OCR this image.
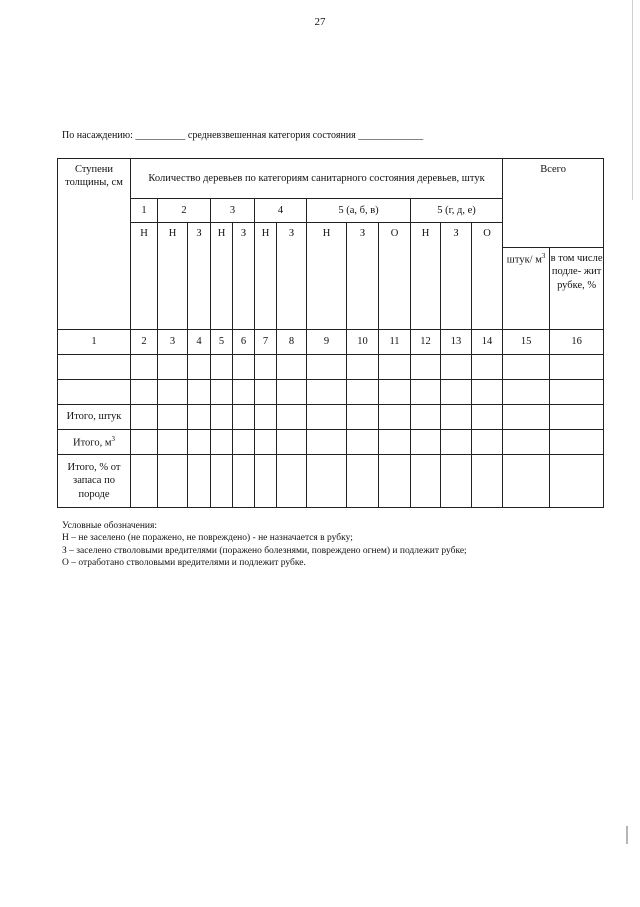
27
По насаждению: __________ средневзвешенная категория состояния _____________
Ступени толщины, см	Количество деревьев по категориям санитарного состояния деревьев, штук													Всего	
	1	2		3		4		5 (а, б, в)			5 (г, д, е)				
	Н	Н	З	Н	З	Н	З	Н	З	О	Н	З	О		
														штук/ $м^3$	в том числе подле- жит рубке, %
1	2	3	4	5	6	7	8	9	10	11	12	13	14	15	16

Итого, штук															
Итого, $м^3$															
Итого, % от запаса по породе															
Условные обозначения:
Н – не заселено (не поражено, не повреждено) - не назначается в рубку;
З – заселено стволовыми вредителями (поражено болезнями, повреждено огнем) и подлежит рубке;
О – отработано стволовыми вредителями и подлежит рубке.
